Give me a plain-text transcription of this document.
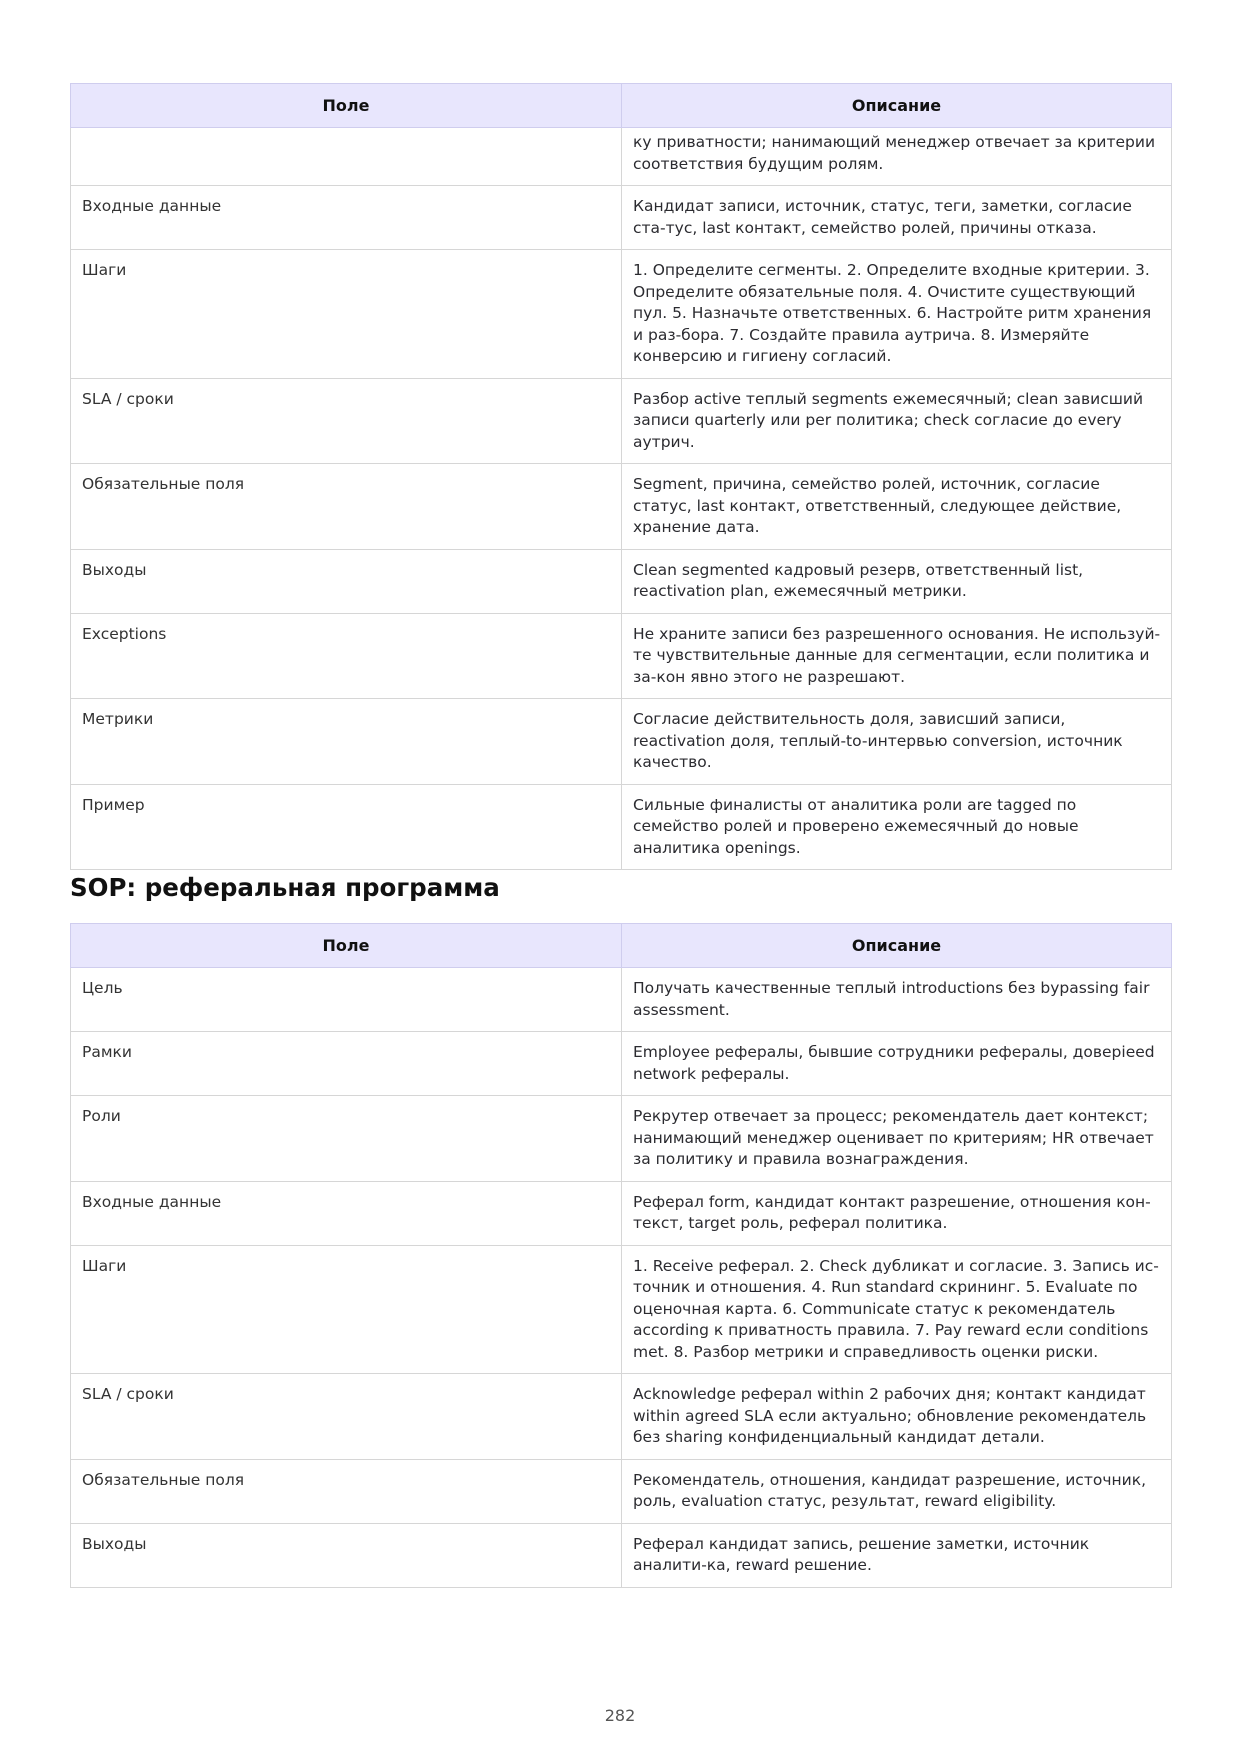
Поле	Описание
	ку приватности; нанимающий менеджер отвечает за критерии соответствия будущим ролям.
Входные данные	Кандидат записи, источник, статус, теги, заметки, согласие ста-тус, last контакт, семейство ролей, причины отказа.
Шаги	1. Определите сегменты. 2. Определите входные критерии. 3. Определите обязательные поля. 4. Очистите существующий пул. 5. Назначьте ответственных. 6. Настройте ритм хранения и раз-бора. 7. Создайте правила аутрича. 8. Измеряйте конверсию и гигиену согласий.
SLA / сроки	Разбор active теплый segments ежемесячный; clean зависший записи quarterly или per политика; check согласие до every аутрич.
Обязательные поля	Segment, причина, семейство ролей, источник, согласие статус, last контакт, ответственный, следующее действие, хранение дата.
Выходы	Clean segmented кадровый резерв, ответственный list, reactivation plan, ежемесячный метрики.
Exceptions	Не храните записи без разрешенного основания. Не используй-те чувствительные данные для сегментации, если политика и за-кон явно этого не разрешают.
Метрики	Согласие действительность доля, зависший записи, reactivation доля, теплый-to-интервью conversion, источник качество.
Пример	Сильные финалисты от аналитика роли are tagged по семейство ролей и проверено ежемесячный до новые аналитика openings.
SOP: реферальная программа
Поле	Описание
Цель	Получать качественные теплый introductions без bypassing fair assessment.
Рамки	Employee рефералы, бывшие сотрудники рефералы, доверieed network рефералы.
Роли	Рекрутер отвечает за процесс; рекомендатель дает контекст; нанимающий менеджер оценивает по критериям; HR отвечает за политику и правила вознаграждения.
Входные данные	Реферал form, кандидат контакт разрешение, отношения кон-текст, target роль, реферал политика.
Шаги	1. Receive реферал. 2. Check дубликат и согласие. 3. Запись ис-точник и отношения. 4. Run standard скрининг. 5. Evaluate по оценочная карта. 6. Communicate статус к рекомендатель according к приватность правила. 7. Pay reward если conditions met. 8. Разбор метрики и справедливость оценки риски.
SLA / сроки	Acknowledge реферал within 2 рабочих дня; контакт кандидат within agreed SLA если актуально; обновление рекомендатель без sharing конфиденциальный кандидат детали.
Обязательные поля	Рекомендатель, отношения, кандидат разрешение, источник, роль, evaluation статус, результат, reward eligibility.
Выходы	Реферал кандидат запись, решение заметки, источник аналити-ка, reward решение.
282
